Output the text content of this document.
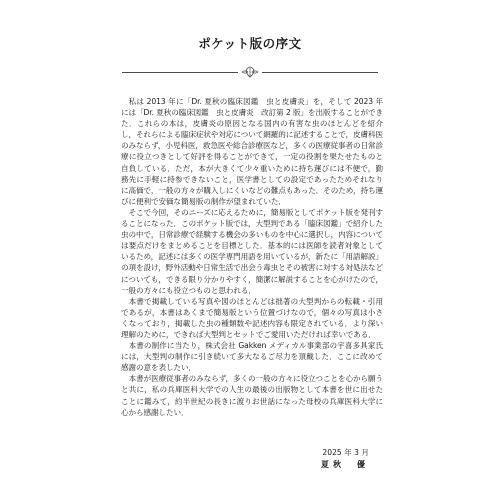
ポケット版の序文

私は 2013 年に「Dr. 夏秋の臨床図鑑　虫と皮膚炎」を，そして 2023 年には「Dr. 夏秋の臨床図鑑　虫と皮膚炎　改訂第 2 版」を出版することができた．これらの本は，皮膚炎の原因となる国内の有害な虫のほとんどを紹介し，それらによる臨床症状や対応について網羅的に記述することで，皮膚科医のみならず，小児科医，救急医や総合診療医など，多くの医療従事者の日常診療に役立つきとして好評を得ることができて，一定の役割を果たせたものと自負している．ただ，本が大きくて少々重いために持ち運びには不便で，勤務先に手軽に持参できないこと，医学書としての設定であったためそれなりに高価で，一般の方々が購入しにくいなどの難点もあった．そのため，持ち運びに便利で安価な簡易版の制作が望まれていた．

そこで今回，そのニーズに応えるために，簡易版としてポケット版を発刊することになった．このポケット版では，大型判である「臨床図鑑」で紹介した虫の中で，日常診療で経験する機会の多いものを中心に選択し，内容については要点だけをまとめることを目標とした．基本的には医師を読者対象としているため，記述には多くの医学専門用語を用いているが，新たに「用語解説」の項を設け，野外活動や日常生活で出会う毒虫とその被害に対する対処法などについても，できる限り分かりやすく，簡潔に解説することを心がけたので，一般の方々にも役立つものと思われる．

本書で掲載している写真や図のほとんどは拙著の大型判からの転載・引用であるが，本書はあくまで簡易版という位置づけなので，個々の写真は小さくなっており，掲載した虫の種類数や記述内容も限定されている．より深い理解のために，できれば大型判とセットでご愛用いただければ幸いである．

本書の制作に当たり，株式会社 Gakken メディカル事業部の宇喜多具家氏には，大型判の制作に引き続いて多大なるご尽力を頂戴した．ここに改めて感謝の意を表したい．

本書が医療従事者のみならず，多くの一般の方々に役立つことを心から願うと共に，私の兵庫医科大学での人生の最後の出版物として本書を世に出せたことに鑑みて，約半世紀の長きに渡りお世話になった母校の兵庫医科大学に心から感謝したい．

2025 年 3 月
夏秋　優
